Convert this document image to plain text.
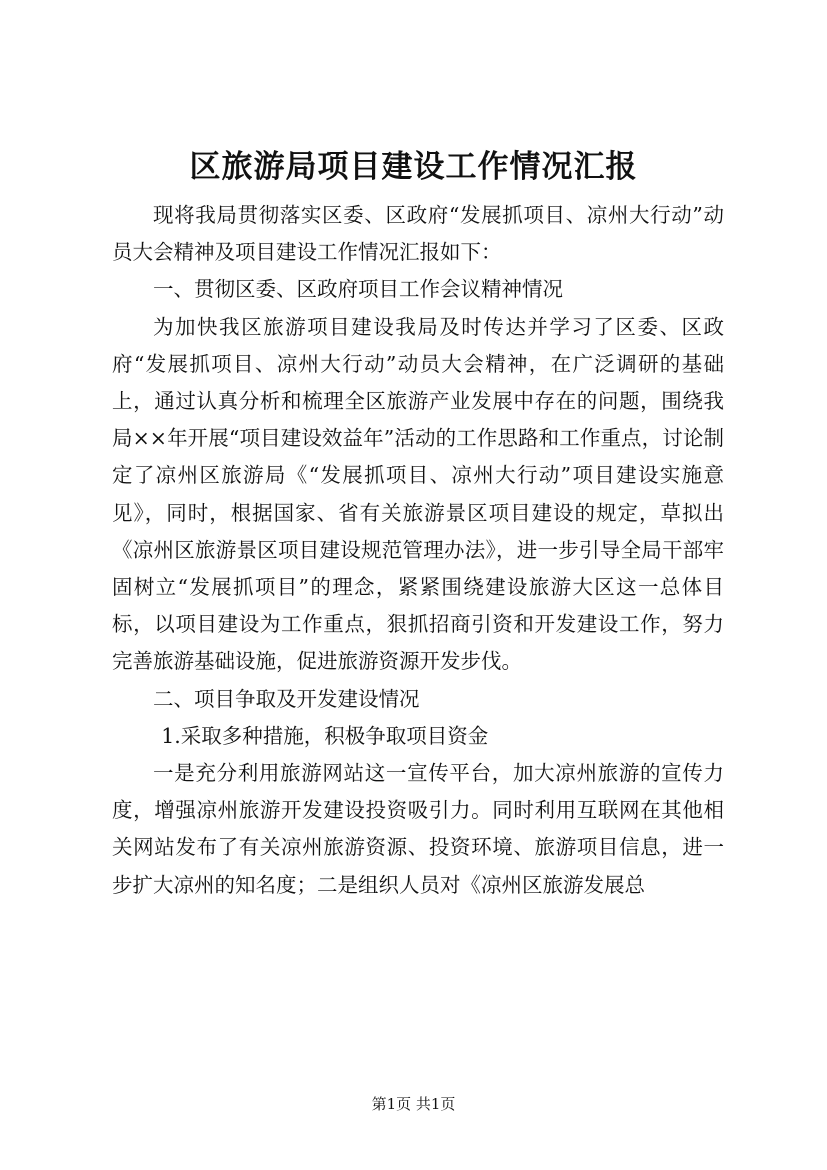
区旅游局项目建设工作情况汇报

现将我局贯彻落实区委、区政府“发展抓项目、凉州大行动”动员大会精神及项目建设工作情况汇报如下：

一、贯彻区委、区政府项目工作会议精神情况

为加快我区旅游项目建设我局及时传达并学习了区委、区政府“发展抓项目、凉州大行动”动员大会精神，在广泛调研的基础上，通过认真分析和梳理全区旅游产业发展中存在的问题，围绕我局××年开展“项目建设效益年”活动的工作思路和工作重点，讨论制定了凉州区旅游局《“发展抓项目、凉州大行动”项目建设实施意见》，同时，根据国家、省有关旅游景区项目建设的规定，草拟出《凉州区旅游景区项目建设规范管理办法》，进一步引导全局干部牢固树立“发展抓项目”的理念，紧紧围绕建设旅游大区这一总体目标，以项目建设为工作重点，狠抓招商引资和开发建设工作，努力完善旅游基础设施，促进旅游资源开发步伐。

二、项目争取及开发建设情况

1.采取多种措施，积极争取项目资金

一是充分利用旅游网站这一宣传平台，加大凉州旅游的宣传力度，增强凉州旅游开发建设投资吸引力。同时利用互联网在其他相关网站发布了有关凉州旅游资源、投资环境、旅游项目信息，进一步扩大凉州的知名度；二是组织人员对《凉州区旅游发展总

第1页 共1页
